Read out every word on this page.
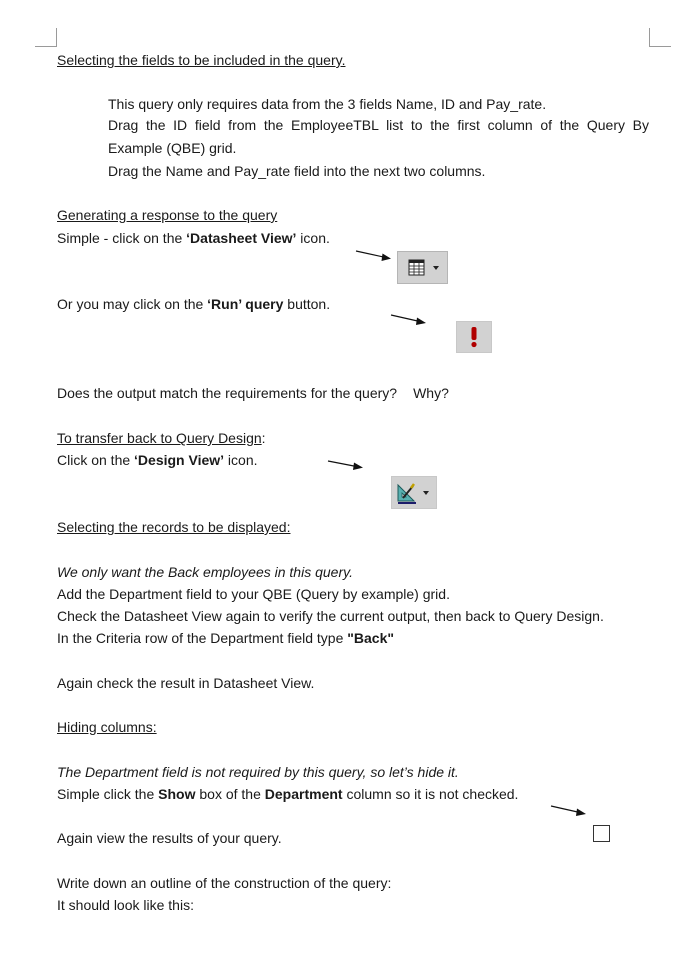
Selecting the fields to be included in the query.
This query only requires data from the 3 fields Name, ID and Pay_rate.
Drag the ID field from the EmployeeTBL list to the first column of the Query By Example (QBE) grid.
Drag the Name and Pay_rate field into the next two columns.
Generating a response to the query
Simple - click on the ‘Datasheet View’ icon.
Or you may click on the ‘Run’ query button.
Does the output match the requirements for the query? Why?
To transfer back to Query Design:
Click on the ‘Design View’ icon.
Selecting the records to be displayed:
We only want the Back employees in this query.
Add the Department field to your QBE (Query by example) grid.
Check the Datasheet View again to verify the current output, then back to Query Design.
In the Criteria row of the Department field type "Back"
Again check the result in Datasheet View.
Hiding columns:
The Department field is not required by this query, so let’s hide it.
Simple click the Show box of the Department column so it is not checked.
Again view the results of your query.
Write down an outline of the construction of the query:
It should look like this:
